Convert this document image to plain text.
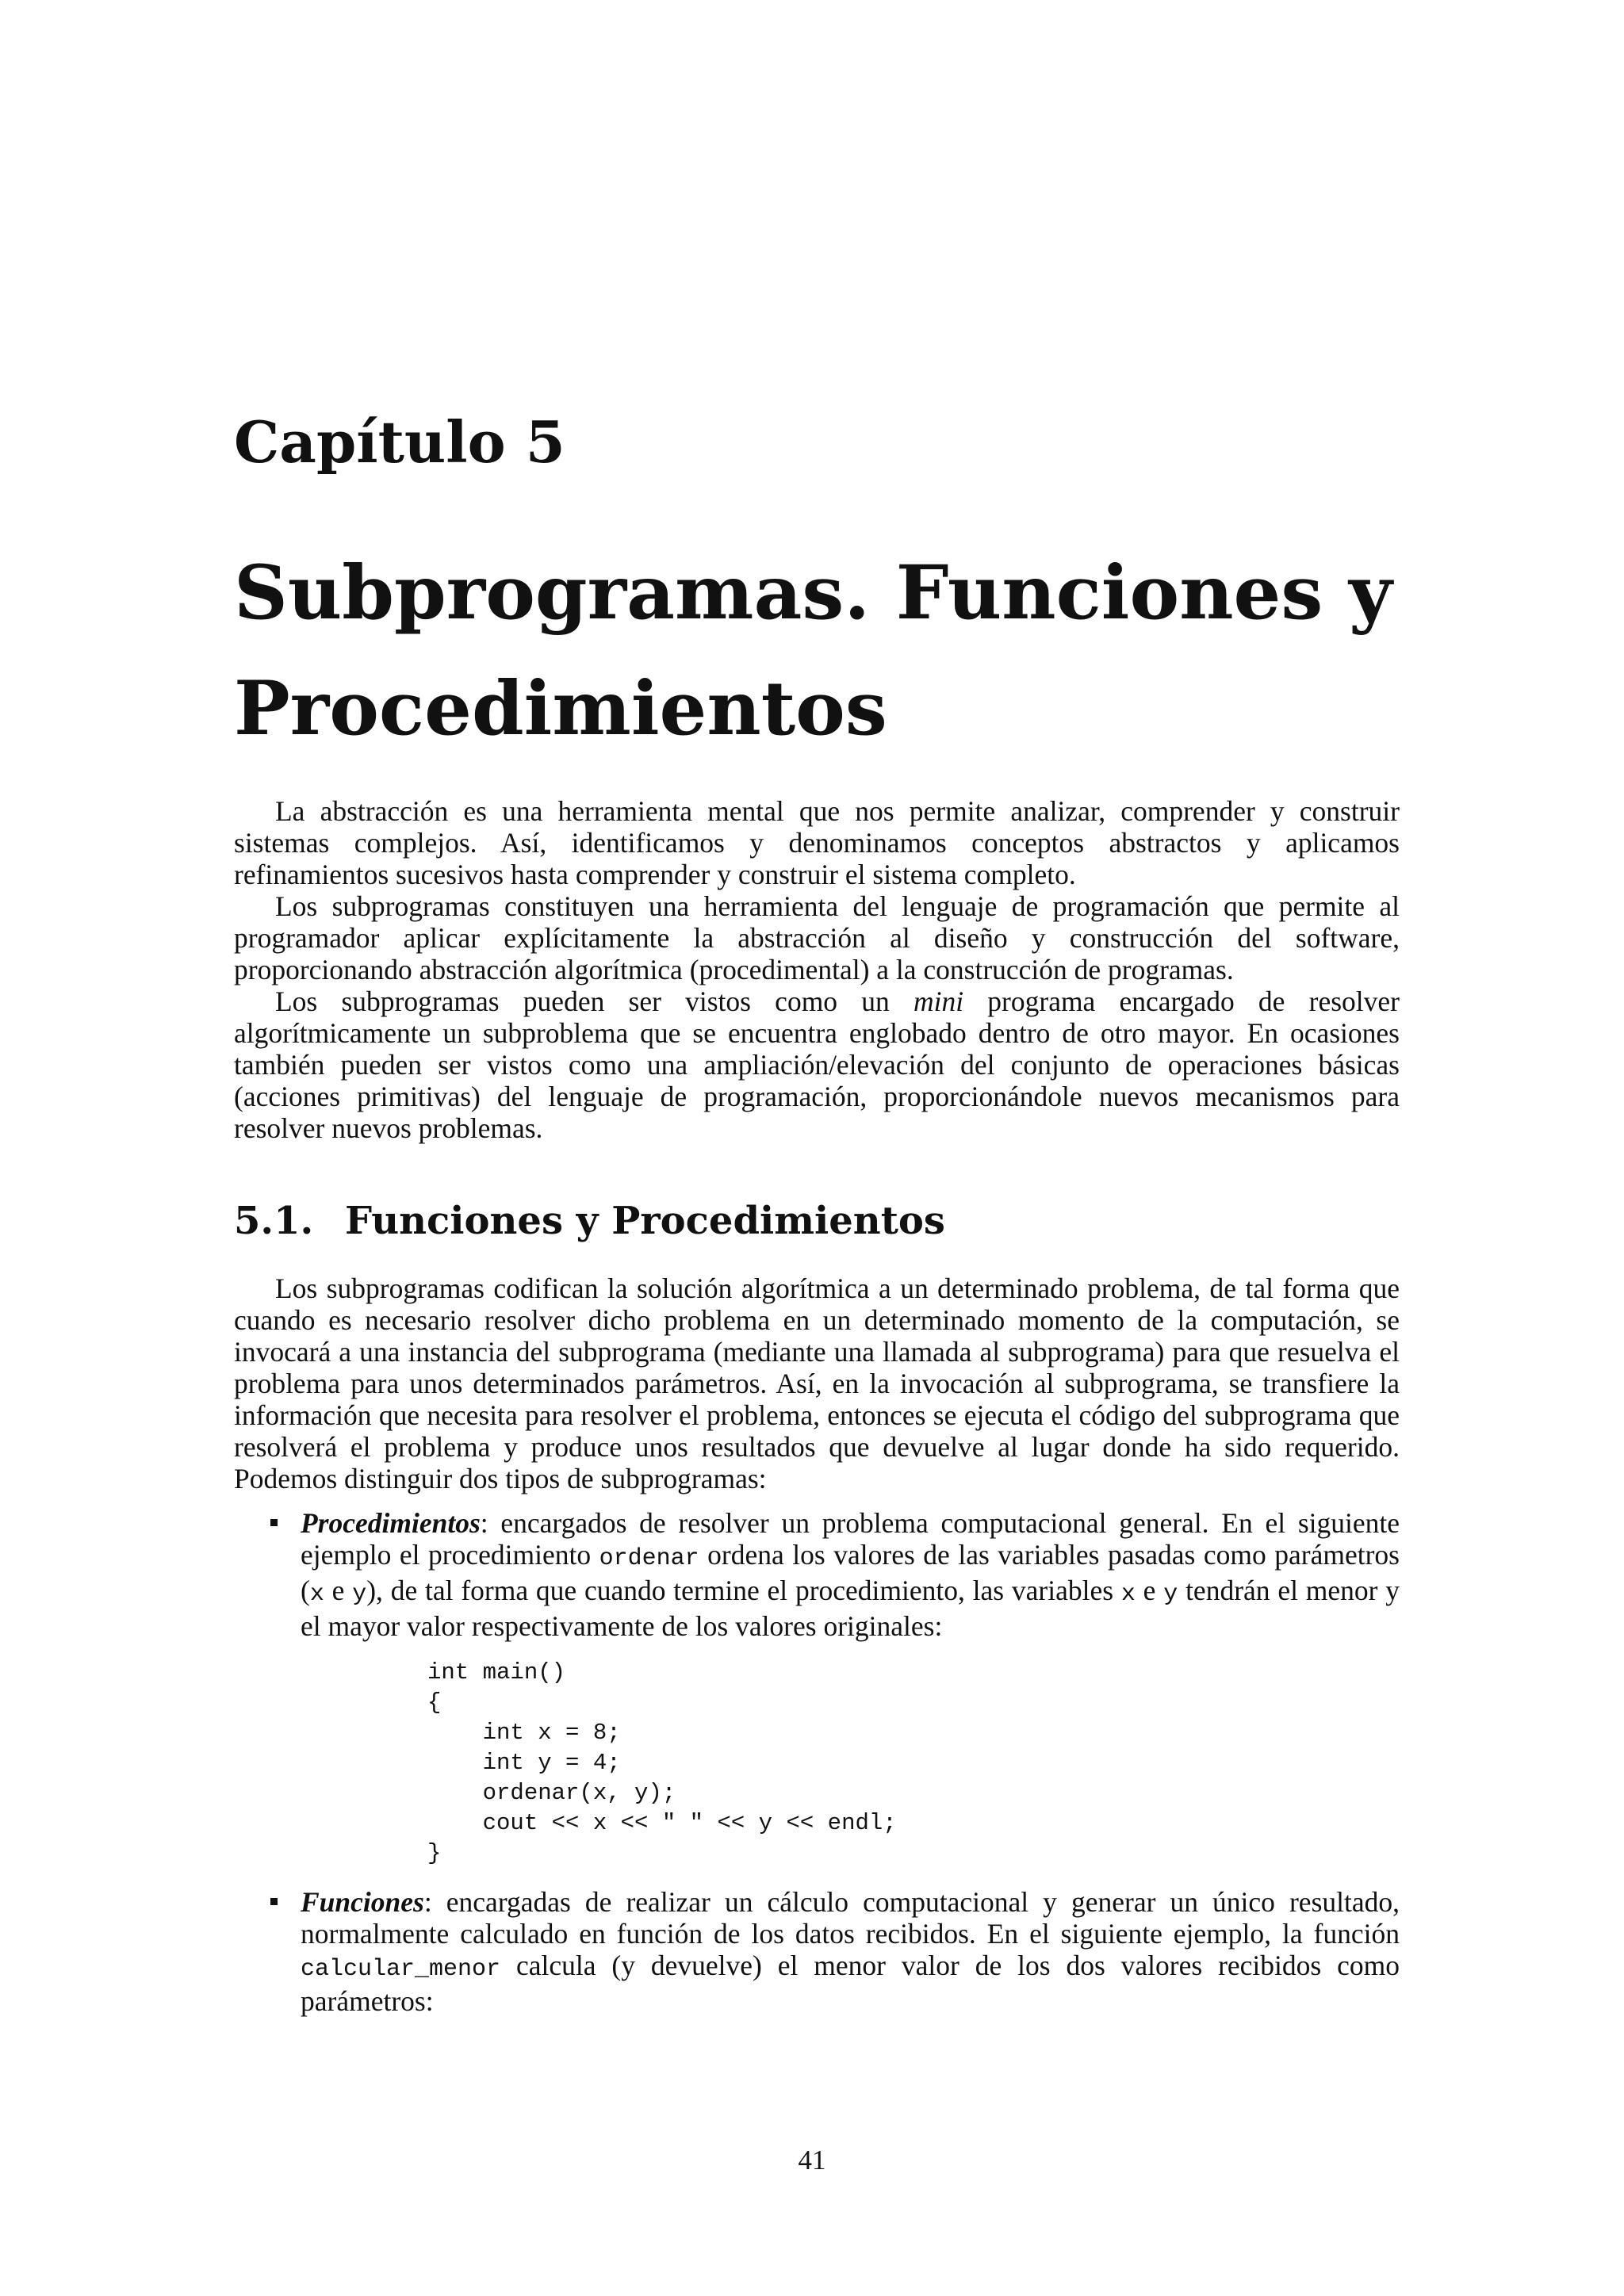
Capítulo 5
Subprogramas. Funciones y
Procedimientos

La abstracción es una herramienta mental que nos permite analizar, comprender y construir sistemas complejos. Así, identificamos y denominamos conceptos abstractos y aplicamos refinamientos sucesivos hasta comprender y construir el sistema completo.

Los subprogramas constituyen una herramienta del lenguaje de programación que permite al programador aplicar explícitamente la abstracción al diseño y construcción del software, proporcionando abstracción algorítmica (procedimental) a la construcción de programas.

Los subprogramas pueden ser vistos como un mini programa encargado de resolver algorítmicamente un subproblema que se encuentra englobado dentro de otro mayor. En ocasiones también pueden ser vistos como una ampliación/elevación del conjunto de operaciones básicas (acciones primitivas) del lenguaje de programación, proporcionándole nuevos mecanismos para resolver nuevos problemas.

5.1. Funciones y Procedimientos

Los subprogramas codifican la solución algorítmica a un determinado problema, de tal forma que cuando es necesario resolver dicho problema en un determinado momento de la computación, se invocará a una instancia del subprograma (mediante una llamada al subprograma) para que resuelva el problema para unos determinados parámetros. Así, en la invocación al subprograma, se transfiere la información que necesita para resolver el problema, entonces se ejecuta el código del subprograma que resolverá el problema y produce unos resultados que devuelve al lugar donde ha sido requerido. Podemos distinguir dos tipos de subprogramas:

Procedimientos: encargados de resolver un problema computacional general. En el siguiente ejemplo el procedimiento ordenar ordena los valores de las variables pasadas como parámetros (x e y), de tal forma que cuando termine el procedimiento, las variables x e y tendrán el menor y el mayor valor respectivamente de los valores originales:
int main()
{
int x = 8;
int y = 4;
ordenar(x, y);
cout << x << " " << y << endl;
}
Funciones: encargadas de realizar un cálculo computacional y generar un único resultado, normalmente calculado en función de los datos recibidos. En el siguiente ejemplo, la función calcular_menor calcula (y devuelve) el menor valor de los dos valores recibidos como parámetros:
41
